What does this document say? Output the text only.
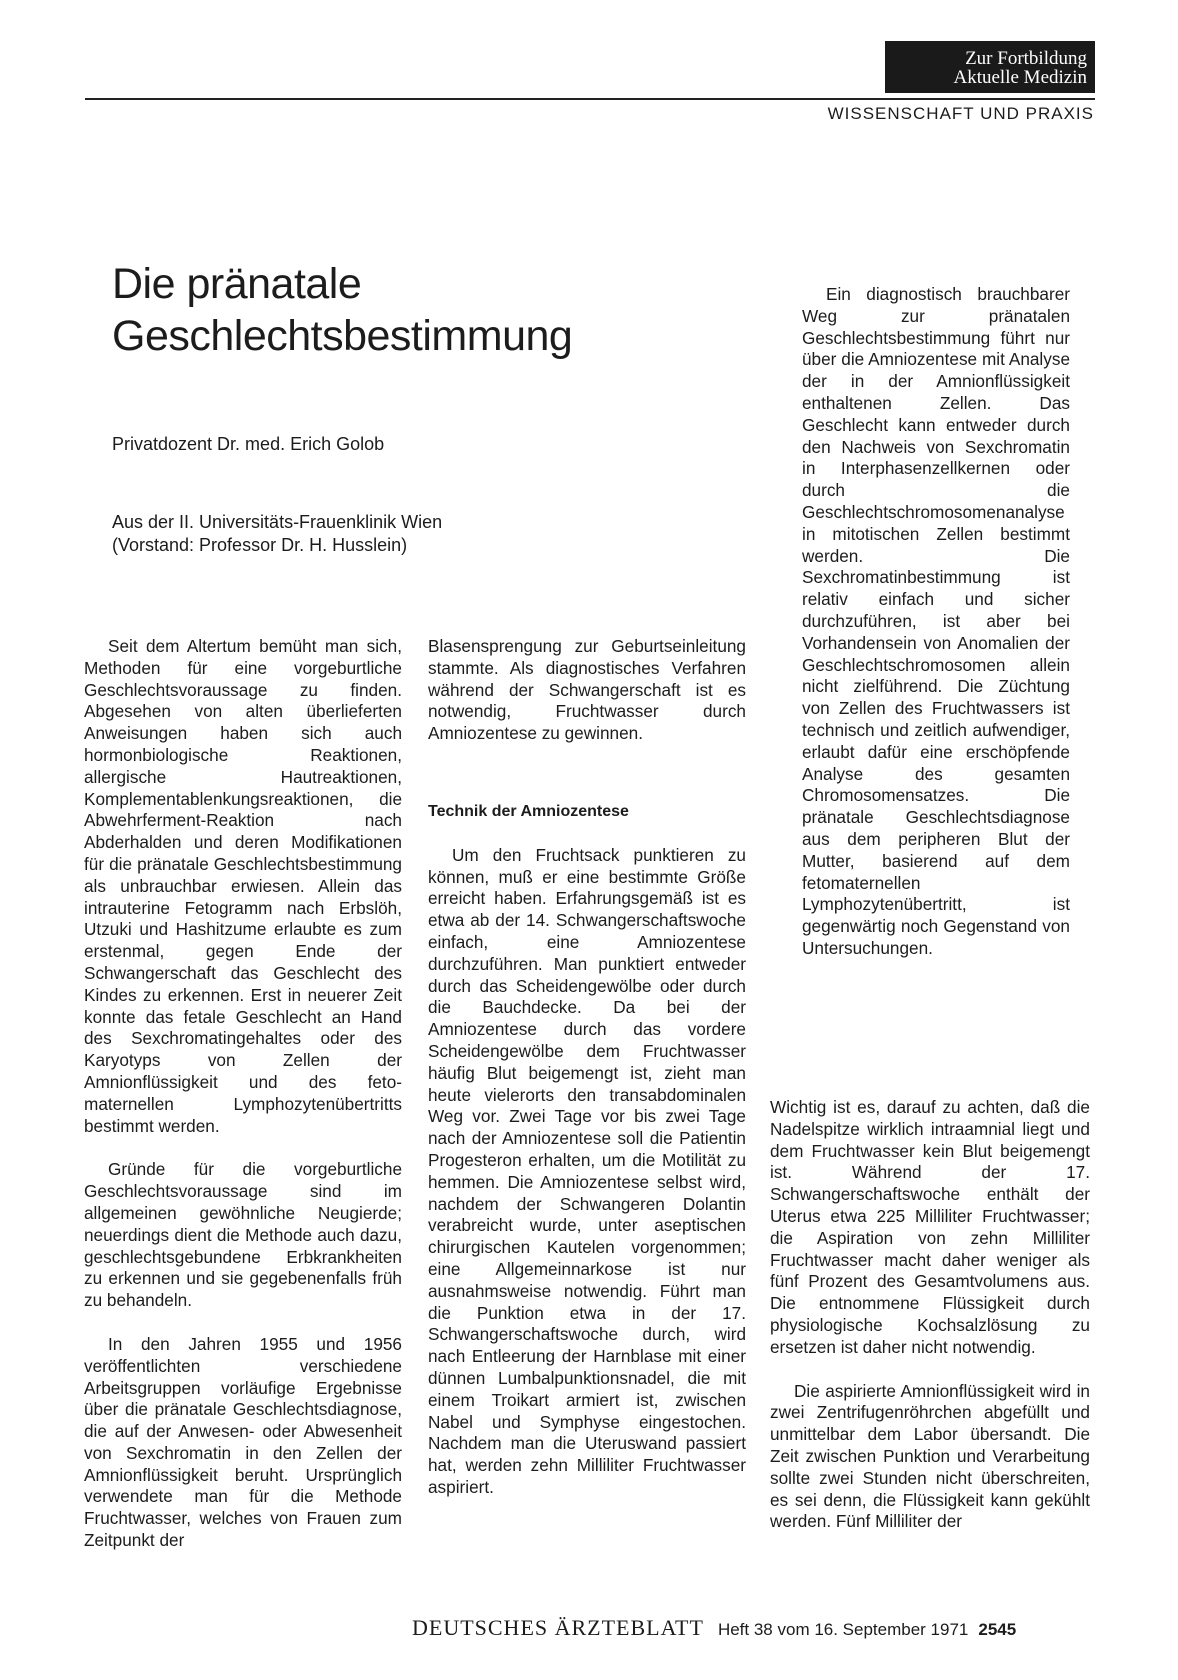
Zur Fortbildung
Aktuelle Medizin
WISSENSCHAFT UND PRAXIS
Die pränatale
Geschlechtsbestimmung
Privatdozent Dr. med. Erich Golob
Aus der II. Universitäts-Frauenklinik Wien
(Vorstand: Professor Dr. H. Husslein)

Seit dem Altertum bemüht man sich, Methoden für eine vorgeburtliche Geschlechtsvoraussage zu finden. Abgesehen von alten überlieferten Anweisungen haben sich auch hormonbiologische Reaktionen, allergische Hautreaktionen, Komplementablenkungsreaktionen, die Abwehrferment-Reaktion nach Abderhalden und deren Modifikationen für die pränatale Geschlechtsbestimmung als unbrauchbar erwiesen. Allein das intrauterine Fetogramm nach Erbslöh, Utzuki und Hashitzume erlaubte es zum erstenmal, gegen Ende der Schwangerschaft das Geschlecht des Kindes zu erkennen. Erst in neuerer Zeit konnte das fetale Geschlecht an Hand des Sexchromatingehaltes oder des Karyotyps von Zellen der Amnionflüssigkeit und des feto-maternellen Lymphozytenübertritts bestimmt werden.

Gründe für die vorgeburtliche Geschlechtsvoraussage sind im allgemeinen gewöhnliche Neugierde; neuerdings dient die Methode auch dazu, geschlechtsgebundene Erbkrankheiten zu erkennen und sie gegebenenfalls früh zu behandeln.

In den Jahren 1955 und 1956 veröffentlichten verschiedene Arbeitsgruppen vorläufige Ergebnisse über die pränatale Geschlechtsdiagnose, die auf der Anwesen- oder Abwesenheit von Sexchromatin in den Zellen der Amnionflüssigkeit beruht. Ursprünglich verwendete man für die Methode Fruchtwasser, welches von Frauen zum Zeitpunkt der

Blasensprengung zur Geburtseinleitung stammte. Als diagnostisches Verfahren während der Schwangerschaft ist es notwendig, Fruchtwasser durch Amniozentese zu gewinnen.

Technik der Amniozentese

Um den Fruchtsack punktieren zu können, muß er eine bestimmte Größe erreicht haben. Erfahrungsgemäß ist es etwa ab der 14. Schwangerschaftswoche einfach, eine Amniozentese durchzuführen. Man punktiert entweder durch das Scheidengewölbe oder durch die Bauchdecke. Da bei der Amniozentese durch das vordere Scheidengewölbe dem Fruchtwasser häufig Blut beigemengt ist, zieht man heute vielerorts den transabdominalen Weg vor. Zwei Tage vor bis zwei Tage nach der Amniozentese soll die Patientin Progesteron erhalten, um die Motilität zu hemmen. Die Amniozentese selbst wird, nachdem der Schwangeren Dolantin verabreicht wurde, unter aseptischen chirurgischen Kautelen vorgenommen; eine Allgemeinnarkose ist nur ausnahmsweise notwendig. Führt man die Punktion etwa in der 17. Schwangerschaftswoche durch, wird nach Entleerung der Harnblase mit einer dünnen Lumbalpunktionsnadel, die mit einem Troikart armiert ist, zwischen Nabel und Symphyse eingestochen. Nachdem man die Uteruswand passiert hat, werden zehn Milliliter Fruchtwasser aspiriert.

Ein diagnostisch brauchbarer Weg zur pränatalen Geschlechtsbestimmung führt nur über die Amniozentese mit Analyse der in der Amnionflüssigkeit enthaltenen Zellen. Das Geschlecht kann entweder durch den Nachweis von Sexchromatin in Interphasenzellkernen oder durch die Geschlechtschromosomenanalyse in mitotischen Zellen bestimmt werden. Die Sexchromatinbestimmung ist relativ einfach und sicher durchzuführen, ist aber bei Vorhandensein von Anomalien der Geschlechtschromosomen allein nicht zielführend. Die Züchtung von Zellen des Fruchtwassers ist technisch und zeitlich aufwendiger, erlaubt dafür eine erschöpfende Analyse des gesamten Chromosomensatzes. Die pränatale Geschlechtsdiagnose aus dem peripheren Blut der Mutter, basierend auf dem fetomaternellen Lymphozytenübertritt, ist gegenwärtig noch Gegenstand von Untersuchungen.

Wichtig ist es, darauf zu achten, daß die Nadelspitze wirklich intraamnial liegt und dem Fruchtwasser kein Blut beigemengt ist. Während der 17. Schwangerschaftswoche enthält der Uterus etwa 225 Milliliter Fruchtwasser; die Aspiration von zehn Milliliter Fruchtwasser macht daher weniger als fünf Prozent des Gesamtvolumens aus. Die entnommene Flüssigkeit durch physiologische Kochsalzlösung zu ersetzen ist daher nicht notwendig.

Die aspirierte Amnionflüssigkeit wird in zwei Zentrifugenröhrchen abgefüllt und unmittelbar dem Labor übersandt. Die Zeit zwischen Punktion und Verarbeitung sollte zwei Stunden nicht überschreiten, es sei denn, die Flüssigkeit kann gekühlt werden. Fünf Milliliter der

DEUTSCHES ÄRZTEBLATT Heft 38 vom 16. September 1971 2545
